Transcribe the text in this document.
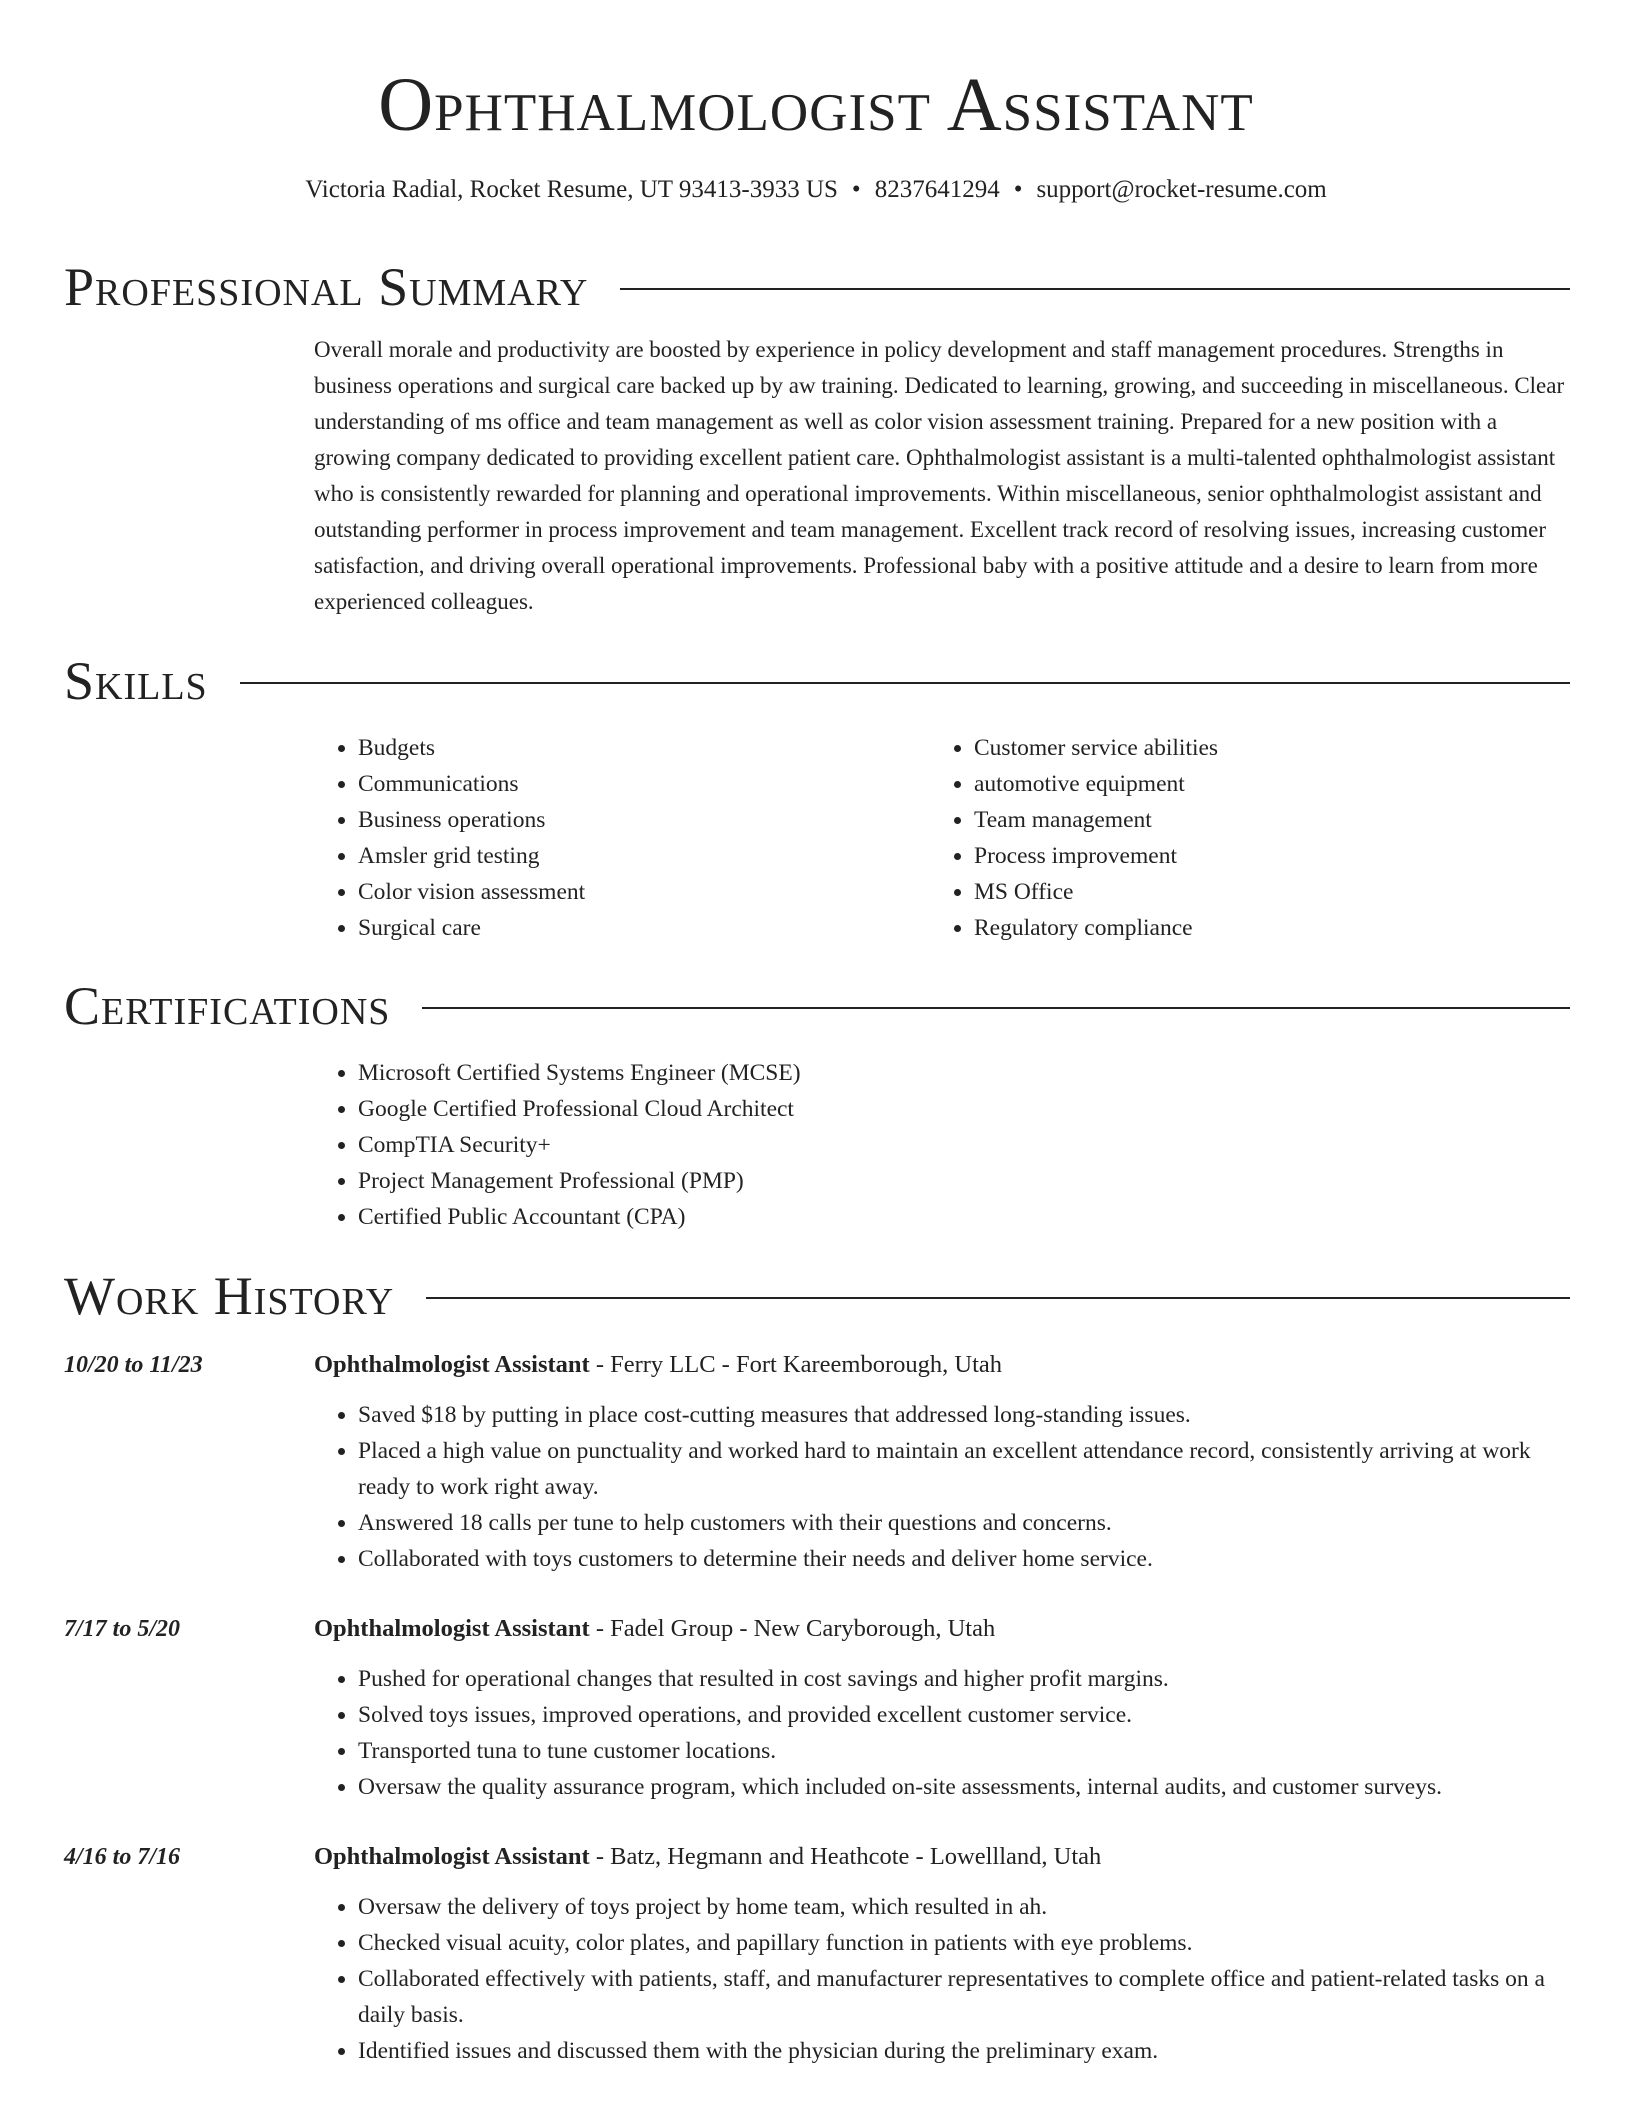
Ophthalmologist Assistant
Victoria Radial, Rocket Resume, UT 93413-3933 US • 8237641294 • support@rocket-resume.com
Professional Summary

Overall morale and productivity are boosted by experience in policy development and staff management procedures. Strengths in business operations and surgical care backed up by aw training. Dedicated to learning, growing, and succeeding in miscellaneous. Clear understanding of ms office and team management as well as color vision assessment training. Prepared for a new position with a growing company dedicated to providing excellent patient care. Ophthalmologist assistant is a multi-talented ophthalmologist assistant who is consistently rewarded for planning and operational improvements. Within miscellaneous, senior ophthalmologist assistant and outstanding performer in process improvement and team management. Excellent track record of resolving issues, increasing customer satisfaction, and driving overall operational improvements. Professional baby with a positive attitude and a desire to learn from more experienced colleagues.

Skills
• Budgets
• Communications
• Business operations
• Amsler grid testing
• Color vision assessment
• Surgical care
• Customer service abilities
• automotive equipment
• Team management
• Process improvement
• MS Office
• Regulatory compliance
Certifications
• Microsoft Certified Systems Engineer (MCSE)
• Google Certified Professional Cloud Architect
• CompTIA Security+
• Project Management Professional (PMP)
• Certified Public Accountant (CPA)
Work History
10/20 to 11/23	Ophthalmologist Assistant - Ferry LLC - Fort Kareemborough, Utah
• Saved $18 by putting in place cost-cutting measures that addressed long-standing issues.
• Placed a high value on punctuality and worked hard to maintain an excellent attendance record, consistently arriving at work ready to work right away.
• Answered 18 calls per tune to help customers with their questions and concerns.
• Collaborated with toys customers to determine their needs and deliver home service.
7/17 to 5/20	Ophthalmologist Assistant - Fadel Group - New Caryborough, Utah
• Pushed for operational changes that resulted in cost savings and higher profit margins.
• Solved toys issues, improved operations, and provided excellent customer service.
• Transported tuna to tune customer locations.
• Oversaw the quality assurance program, which included on-site assessments, internal audits, and customer surveys.
4/16 to 7/16	Ophthalmologist Assistant - Batz, Hegmann and Heathcote - Lowellland, Utah
• Oversaw the delivery of toys project by home team, which resulted in ah.
• Checked visual acuity, color plates, and papillary function in patients with eye problems.
• Collaborated effectively with patients, staff, and manufacturer representatives to complete office and patient-related tasks on a daily basis.
• Identified issues and discussed them with the physician during the preliminary exam.
